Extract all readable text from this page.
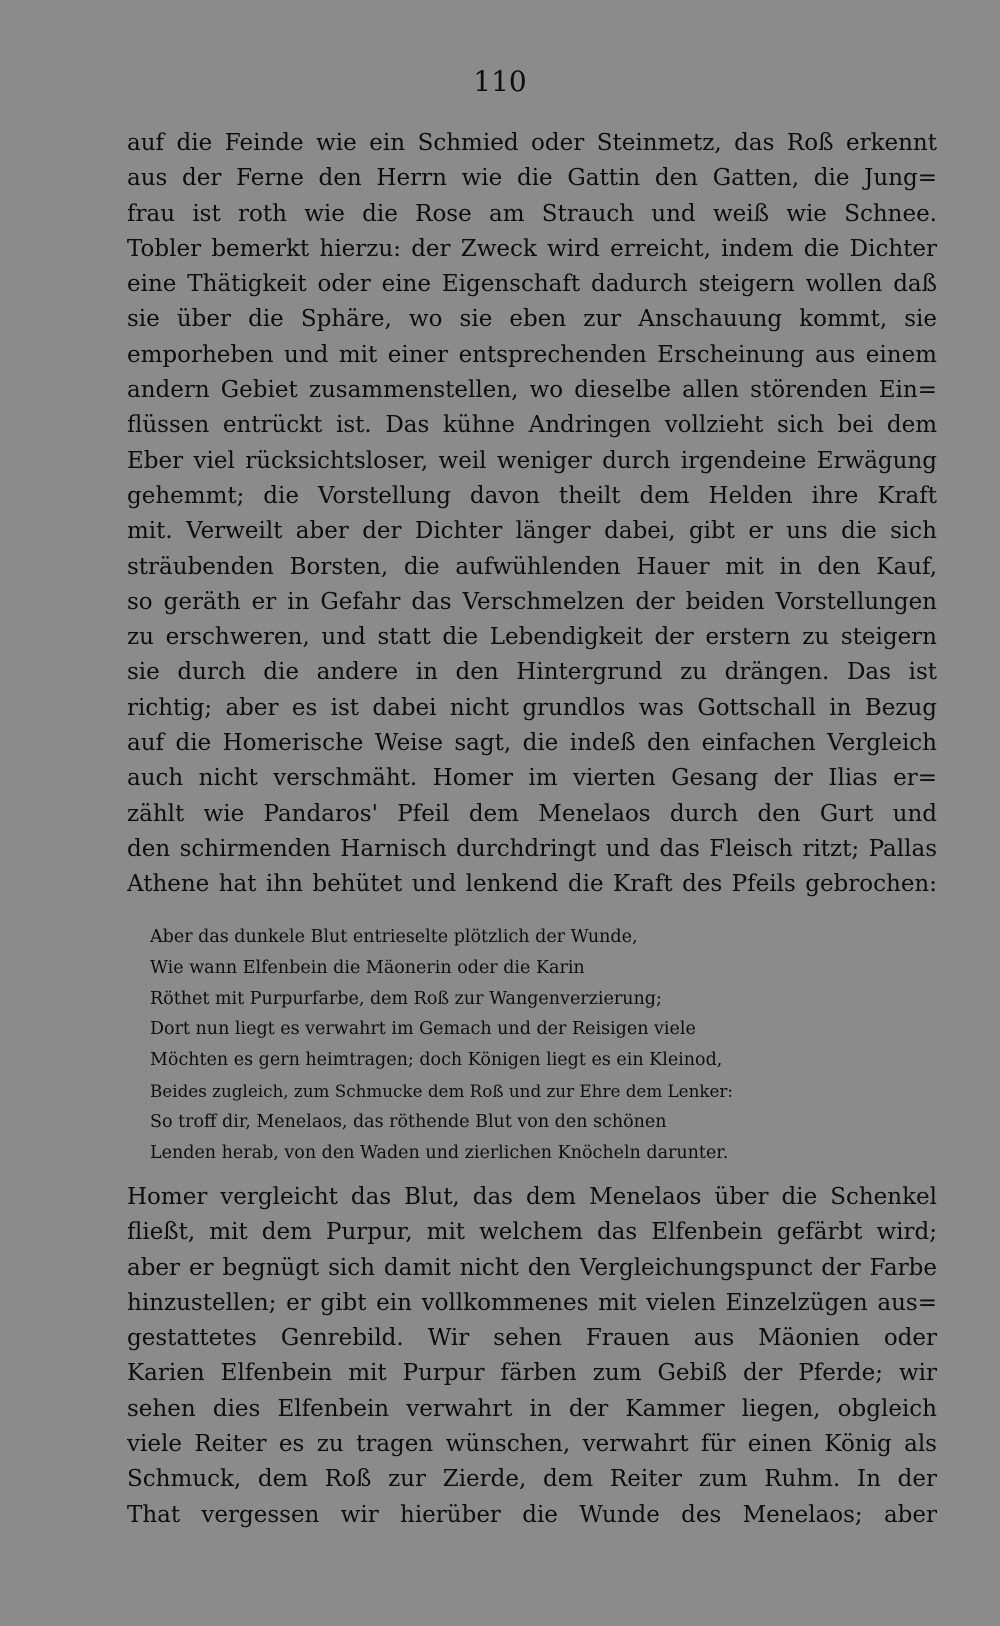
110
auf die Feinde wie ein Schmied oder Steinmetz, das Roß erkennt
aus der Ferne den Herrn wie die Gattin den Gatten, die Jung=
frau ist roth wie die Rose am Strauch und weiß wie Schnee.
Tobler bemerkt hierzu: der Zweck wird erreicht, indem die Dichter
eine Thätigkeit oder eine Eigenschaft dadurch steigern wollen daß
sie über die Sphäre, wo sie eben zur Anschauung kommt, sie
emporheben und mit einer entsprechenden Erscheinung aus einem
andern Gebiet zusammenstellen, wo dieselbe allen störenden Ein=
flüssen entrückt ist. Das kühne Andringen vollzieht sich bei dem
Eber viel rücksichtsloser, weil weniger durch irgendeine Erwägung
gehemmt; die Vorstellung davon theilt dem Helden ihre Kraft
mit. Verweilt aber der Dichter länger dabei, gibt er uns die sich
sträubenden Borsten, die aufwühlenden Hauer mit in den Kauf,
so geräth er in Gefahr das Verschmelzen der beiden Vorstellungen
zu erschweren, und statt die Lebendigkeit der erstern zu steigern
sie durch die andere in den Hintergrund zu drängen. Das ist
richtig; aber es ist dabei nicht grundlos was Gottschall in Bezug
auf die Homerische Weise sagt, die indeß den einfachen Vergleich
auch nicht verschmäht. Homer im vierten Gesang der Ilias er=
zählt wie Pandaros' Pfeil dem Menelaos durch den Gurt und
den schirmenden Harnisch durchdringt und das Fleisch ritzt; Pallas
Athene hat ihn behütet und lenkend die Kraft des Pfeils gebrochen:
Aber das dunkele Blut entrieselte plötzlich der Wunde,
Wie wann Elfenbein die Mäonerin oder die Karin
Röthet mit Purpurfarbe, dem Roß zur Wangenverzierung;
Dort nun liegt es verwahrt im Gemach und der Reisigen viele
Möchten es gern heimtragen; doch Königen liegt es ein Kleinod,
Beides zugleich, zum Schmucke dem Roß und zur Ehre dem Lenker:
So troff dir, Menelaos, das röthende Blut von den schönen
Lenden herab, von den Waden und zierlichen Knöcheln darunter.
Homer vergleicht das Blut, das dem Menelaos über die Schenkel
fließt, mit dem Purpur, mit welchem das Elfenbein gefärbt wird;
aber er begnügt sich damit nicht den Vergleichungspunct der Farbe
hinzustellen; er gibt ein vollkommenes mit vielen Einzelzügen aus=
gestattetes Genrebild. Wir sehen Frauen aus Mäonien oder
Karien Elfenbein mit Purpur färben zum Gebiß der Pferde; wir
sehen dies Elfenbein verwahrt in der Kammer liegen, obgleich
viele Reiter es zu tragen wünschen, verwahrt für einen König als
Schmuck, dem Roß zur Zierde, dem Reiter zum Ruhm. In der
That vergessen wir hierüber die Wunde des Menelaos; aber
